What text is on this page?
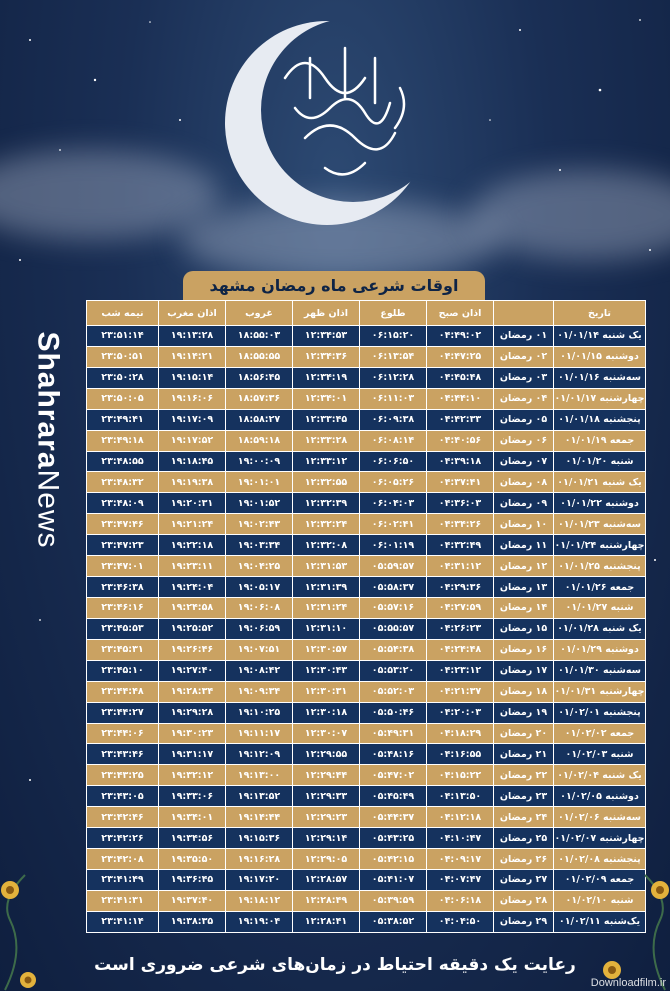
ShahraraNews
اوقات شرعی ماه رمضان مشهد
تاریخ		اذان صبح	طلوع	اذان ظهر	غروب	اذان مغرب	نیمه شب
یک شنبه ۰۱/۰۱/۱۴	۰۱ رمضان	۰۴:۴۹:۰۲	۰۶:۱۵:۲۰	۱۲:۳۴:۵۳	۱۸:۵۵:۰۳	۱۹:۱۳:۲۸	۲۳:۵۱:۱۴
دوشنبه ۰۱/۰۱/۱۵	۰۲ رمضان	۰۴:۴۷:۲۵	۰۶:۱۳:۵۴	۱۲:۳۴:۳۶	۱۸:۵۵:۵۵	۱۹:۱۴:۲۱	۲۳:۵۰:۵۱
سه‌شنبه ۰۱/۰۱/۱۶	۰۳ رمضان	۰۴:۴۵:۴۸	۰۶:۱۲:۲۸	۱۲:۳۴:۱۹	۱۸:۵۶:۴۵	۱۹:۱۵:۱۴	۲۳:۵۰:۲۸
چهارشنبه ۰۱/۰۱/۱۷	۰۴ رمضان	۰۴:۴۴:۱۰	۰۶:۱۱:۰۳	۱۲:۳۴:۰۱	۱۸:۵۷:۳۶	۱۹:۱۶:۰۶	۲۳:۵۰:۰۵
پنجشنبه ۰۱/۰۱/۱۸	۰۵ رمضان	۰۴:۴۲:۳۳	۰۶:۰۹:۳۸	۱۲:۳۳:۴۵	۱۸:۵۸:۲۷	۱۹:۱۷:۰۹	۲۳:۴۹:۴۱
جمعه ۰۱/۰۱/۱۹	۰۶ رمضان	۰۴:۴۰:۵۶	۰۶:۰۸:۱۴	۱۲:۳۳:۲۸	۱۸:۵۹:۱۸	۱۹:۱۷:۵۲	۲۳:۴۹:۱۸
شنبه ۰۱/۰۱/۲۰	۰۷ رمضان	۰۴:۳۹:۱۸	۰۶:۰۶:۵۰	۱۲:۳۳:۱۲	۱۹:۰۰:۰۹	۱۹:۱۸:۴۵	۲۳:۴۸:۵۵
یک شنبه ۰۱/۰۱/۲۱	۰۸ رمضان	۰۴:۳۷:۴۱	۰۶:۰۵:۲۶	۱۲:۳۲:۵۵	۱۹:۰۱:۰۱	۱۹:۱۹:۳۸	۲۳:۴۸:۳۲
دوشنبه ۰۱/۰۱/۲۲	۰۹ رمضان	۰۴:۳۶:۰۳	۰۶:۰۴:۰۳	۱۲:۳۲:۳۹	۱۹:۰۱:۵۲	۱۹:۲۰:۳۱	۲۳:۴۸:۰۹
سه‌شنبه ۰۱/۰۱/۲۳	۱۰ رمضان	۰۴:۳۴:۲۶	۰۶:۰۲:۴۱	۱۲:۳۲:۲۴	۱۹:۰۲:۴۳	۱۹:۲۱:۲۴	۲۳:۴۷:۴۶
چهارشنبه ۰۱/۰۱/۲۴	۱۱ رمضان	۰۴:۳۲:۴۹	۰۶:۰۱:۱۹	۱۲:۳۲:۰۸	۱۹:۰۳:۳۴	۱۹:۲۲:۱۸	۲۳:۴۷:۲۳
پنجشنبه ۰۱/۰۱/۲۵	۱۲ رمضان	۰۴:۳۱:۱۲	۰۵:۵۹:۵۷	۱۲:۳۱:۵۳	۱۹:۰۴:۲۵	۱۹:۲۳:۱۱	۲۳:۴۷:۰۱
جمعه ۰۱/۰۱/۲۶	۱۳ رمضان	۰۴:۲۹:۳۶	۰۵:۵۸:۳۷	۱۲:۳۱:۳۹	۱۹:۰۵:۱۷	۱۹:۲۴:۰۴	۲۳:۴۶:۳۸
شنبه ۰۱/۰۱/۲۷	۱۴ رمضان	۰۴:۲۷:۵۹	۰۵:۵۷:۱۶	۱۲:۳۱:۲۴	۱۹:۰۶:۰۸	۱۹:۲۴:۵۸	۲۳:۴۶:۱۶
یک شنبه ۰۱/۰۱/۲۸	۱۵ رمضان	۰۴:۲۶:۲۳	۰۵:۵۵:۵۷	۱۲:۳۱:۱۰	۱۹:۰۶:۵۹	۱۹:۲۵:۵۲	۲۳:۴۵:۵۳
دوشنبه ۰۱/۰۱/۲۹	۱۶ رمضان	۰۴:۲۴:۴۸	۰۵:۵۴:۳۸	۱۲:۳۰:۵۷	۱۹:۰۷:۵۱	۱۹:۲۶:۴۶	۲۳:۴۵:۳۱
سه‌شنبه ۰۱/۰۱/۳۰	۱۷ رمضان	۰۴:۲۳:۱۲	۰۵:۵۳:۲۰	۱۲:۳۰:۴۳	۱۹:۰۸:۴۲	۱۹:۲۷:۴۰	۲۳:۴۵:۱۰
چهارشنبه ۰۱/۰۱/۳۱	۱۸ رمضان	۰۴:۲۱:۳۷	۰۵:۵۲:۰۳	۱۲:۳۰:۳۱	۱۹:۰۹:۳۴	۱۹:۲۸:۳۴	۲۳:۴۴:۴۸
پنجشنبه ۰۱/۰۲/۰۱	۱۹ رمضان	۰۴:۲۰:۰۳	۰۵:۵۰:۴۶	۱۲:۳۰:۱۸	۱۹:۱۰:۲۵	۱۹:۲۹:۲۸	۲۳:۴۴:۲۷
جمعه ۰۱/۰۲/۰۲	۲۰ رمضان	۰۴:۱۸:۲۹	۰۵:۴۹:۳۱	۱۲:۳۰:۰۷	۱۹:۱۱:۱۷	۱۹:۳۰:۲۳	۲۳:۴۴:۰۶
شنبه ۰۱/۰۲/۰۳	۲۱ رمضان	۰۴:۱۶:۵۵	۰۵:۴۸:۱۶	۱۲:۲۹:۵۵	۱۹:۱۲:۰۹	۱۹:۳۱:۱۷	۲۳:۴۳:۴۶
یک شنبه ۰۱/۰۲/۰۴	۲۲ رمضان	۰۴:۱۵:۲۲	۰۵:۴۷:۰۲	۱۲:۲۹:۴۴	۱۹:۱۳:۰۰	۱۹:۳۲:۱۲	۲۳:۴۳:۲۵
دوشنبه ۰۱/۰۲/۰۵	۲۳ رمضان	۰۴:۱۳:۵۰	۰۵:۴۵:۴۹	۱۲:۲۹:۳۳	۱۹:۱۳:۵۲	۱۹:۳۳:۰۶	۲۳:۴۳:۰۵
سه‌شنبه ۰۱/۰۲/۰۶	۲۴ رمضان	۰۴:۱۲:۱۸	۰۵:۴۴:۳۷	۱۲:۲۹:۲۳	۱۹:۱۴:۴۴	۱۹:۳۴:۰۱	۲۳:۴۲:۴۶
چهارشنبه ۰۱/۰۲/۰۷	۲۵ رمضان	۰۴:۱۰:۴۷	۰۵:۴۳:۲۵	۱۲:۲۹:۱۴	۱۹:۱۵:۳۶	۱۹:۳۴:۵۶	۲۳:۴۲:۲۶
پنجشنبه ۰۱/۰۲/۰۸	۲۶ رمضان	۰۴:۰۹:۱۷	۰۵:۴۲:۱۵	۱۲:۲۹:۰۵	۱۹:۱۶:۲۸	۱۹:۳۵:۵۰	۲۳:۴۲:۰۸
جمعه ۰۱/۰۲/۰۹	۲۷ رمضان	۰۴:۰۷:۴۷	۰۵:۴۱:۰۷	۱۲:۲۸:۵۷	۱۹:۱۷:۲۰	۱۹:۳۶:۴۵	۲۳:۴۱:۴۹
شنبه ۰۱/۰۲/۱۰	۲۸ رمضان	۰۴:۰۶:۱۸	۰۵:۳۹:۵۹	۱۲:۲۸:۴۹	۱۹:۱۸:۱۲	۱۹:۳۷:۴۰	۲۳:۴۱:۳۱
یک‌شنبه ۰۱/۰۲/۱۱	۲۹ رمضان	۰۴:۰۴:۵۰	۰۵:۳۸:۵۲	۱۲:۲۸:۴۱	۱۹:۱۹:۰۴	۱۹:۳۸:۳۵	۲۳:۴۱:۱۴
رعایت یک دقیقه احتیاط در زمان‌های شرعی ضروری است
Downloadfilm.ir
